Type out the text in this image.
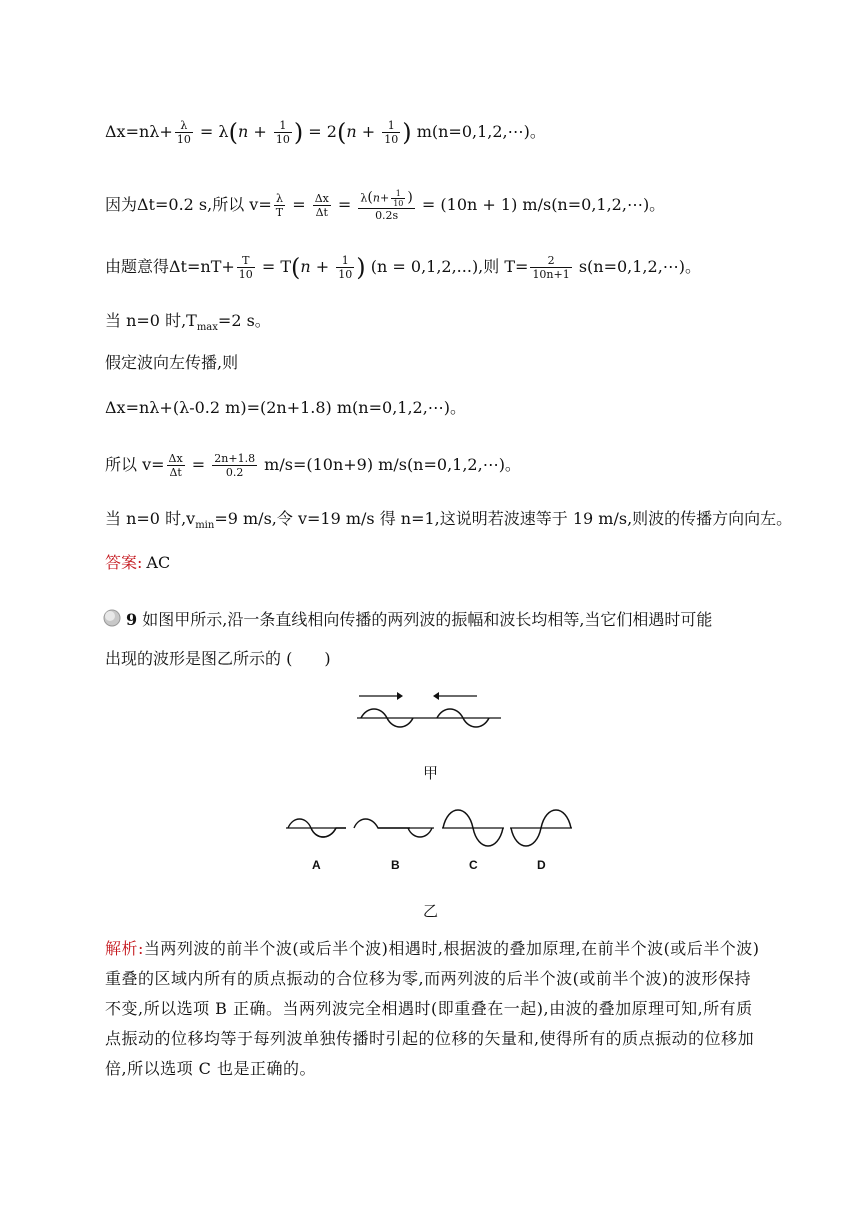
$\Delta x=n\lambda+ \frac{\lambda}{10} = \lambda(n + \frac{1}{10}$ ) = $2(n + \frac{1}{10}$ ) m(n=0,1,2,⋯)。
因为Δt=0.2 s,所以 $v= \frac{\lambda}{T} = \frac{\Delta x}{\Delta t} = \frac{\lambda(n+ \frac{1}{10} )}{0.2s} = (10n + 1)$ m/s(n=0,1,2,⋯)。
由题意得$\Delta t=nT+ \frac{T}{10} = T(n + \frac{1}{10}$ ) (n = 0,1,2,...),则 $T= \frac{2}{10n+1}$ s(n=0,1,2,⋯)。
当 n=0 时$,T_{max}=2$ s。
假定波向左传播,则
Δx=nλ+(λ-0.2 m)=(2n+1.8) m(n=0,1,2,⋯)。
所以 $v= \frac{\Delta x}{\Delta t} = \frac{2n+1.8}{0.2} m/s=(10n+9)$ m/s(n=0,1,2,⋯)。
当 n=0 时$,v_{min}=9$ m/s,令 v=19 m/s 得 n=1,这说明若波速等于 19 m/s,则波的传播方向向左。
答案: AC
9 如图甲所示,沿一条直线相向传播的两列波的振幅和波长均相等,当它们相遇时可能
出现的波形是图乙所示的 (　　)
甲
A	B	C	D
乙
解析:当两列波的前半个波(或后半个波)相遇时,根据波的叠加原理,在前半个波(或后半个波)重叠的区域内所有的质点振动的合位移为零,而两列波的后半个波(或前半个波)的波形保持不变,所以选项 B 正确。当两列波完全相遇时(即重叠在一起),由波的叠加原理可知,所有质点振动的位移均等于每列波单独传播时引起的位移的矢量和,使得所有的质点振动的位移加倍,所以选项 C 也是正确的。
